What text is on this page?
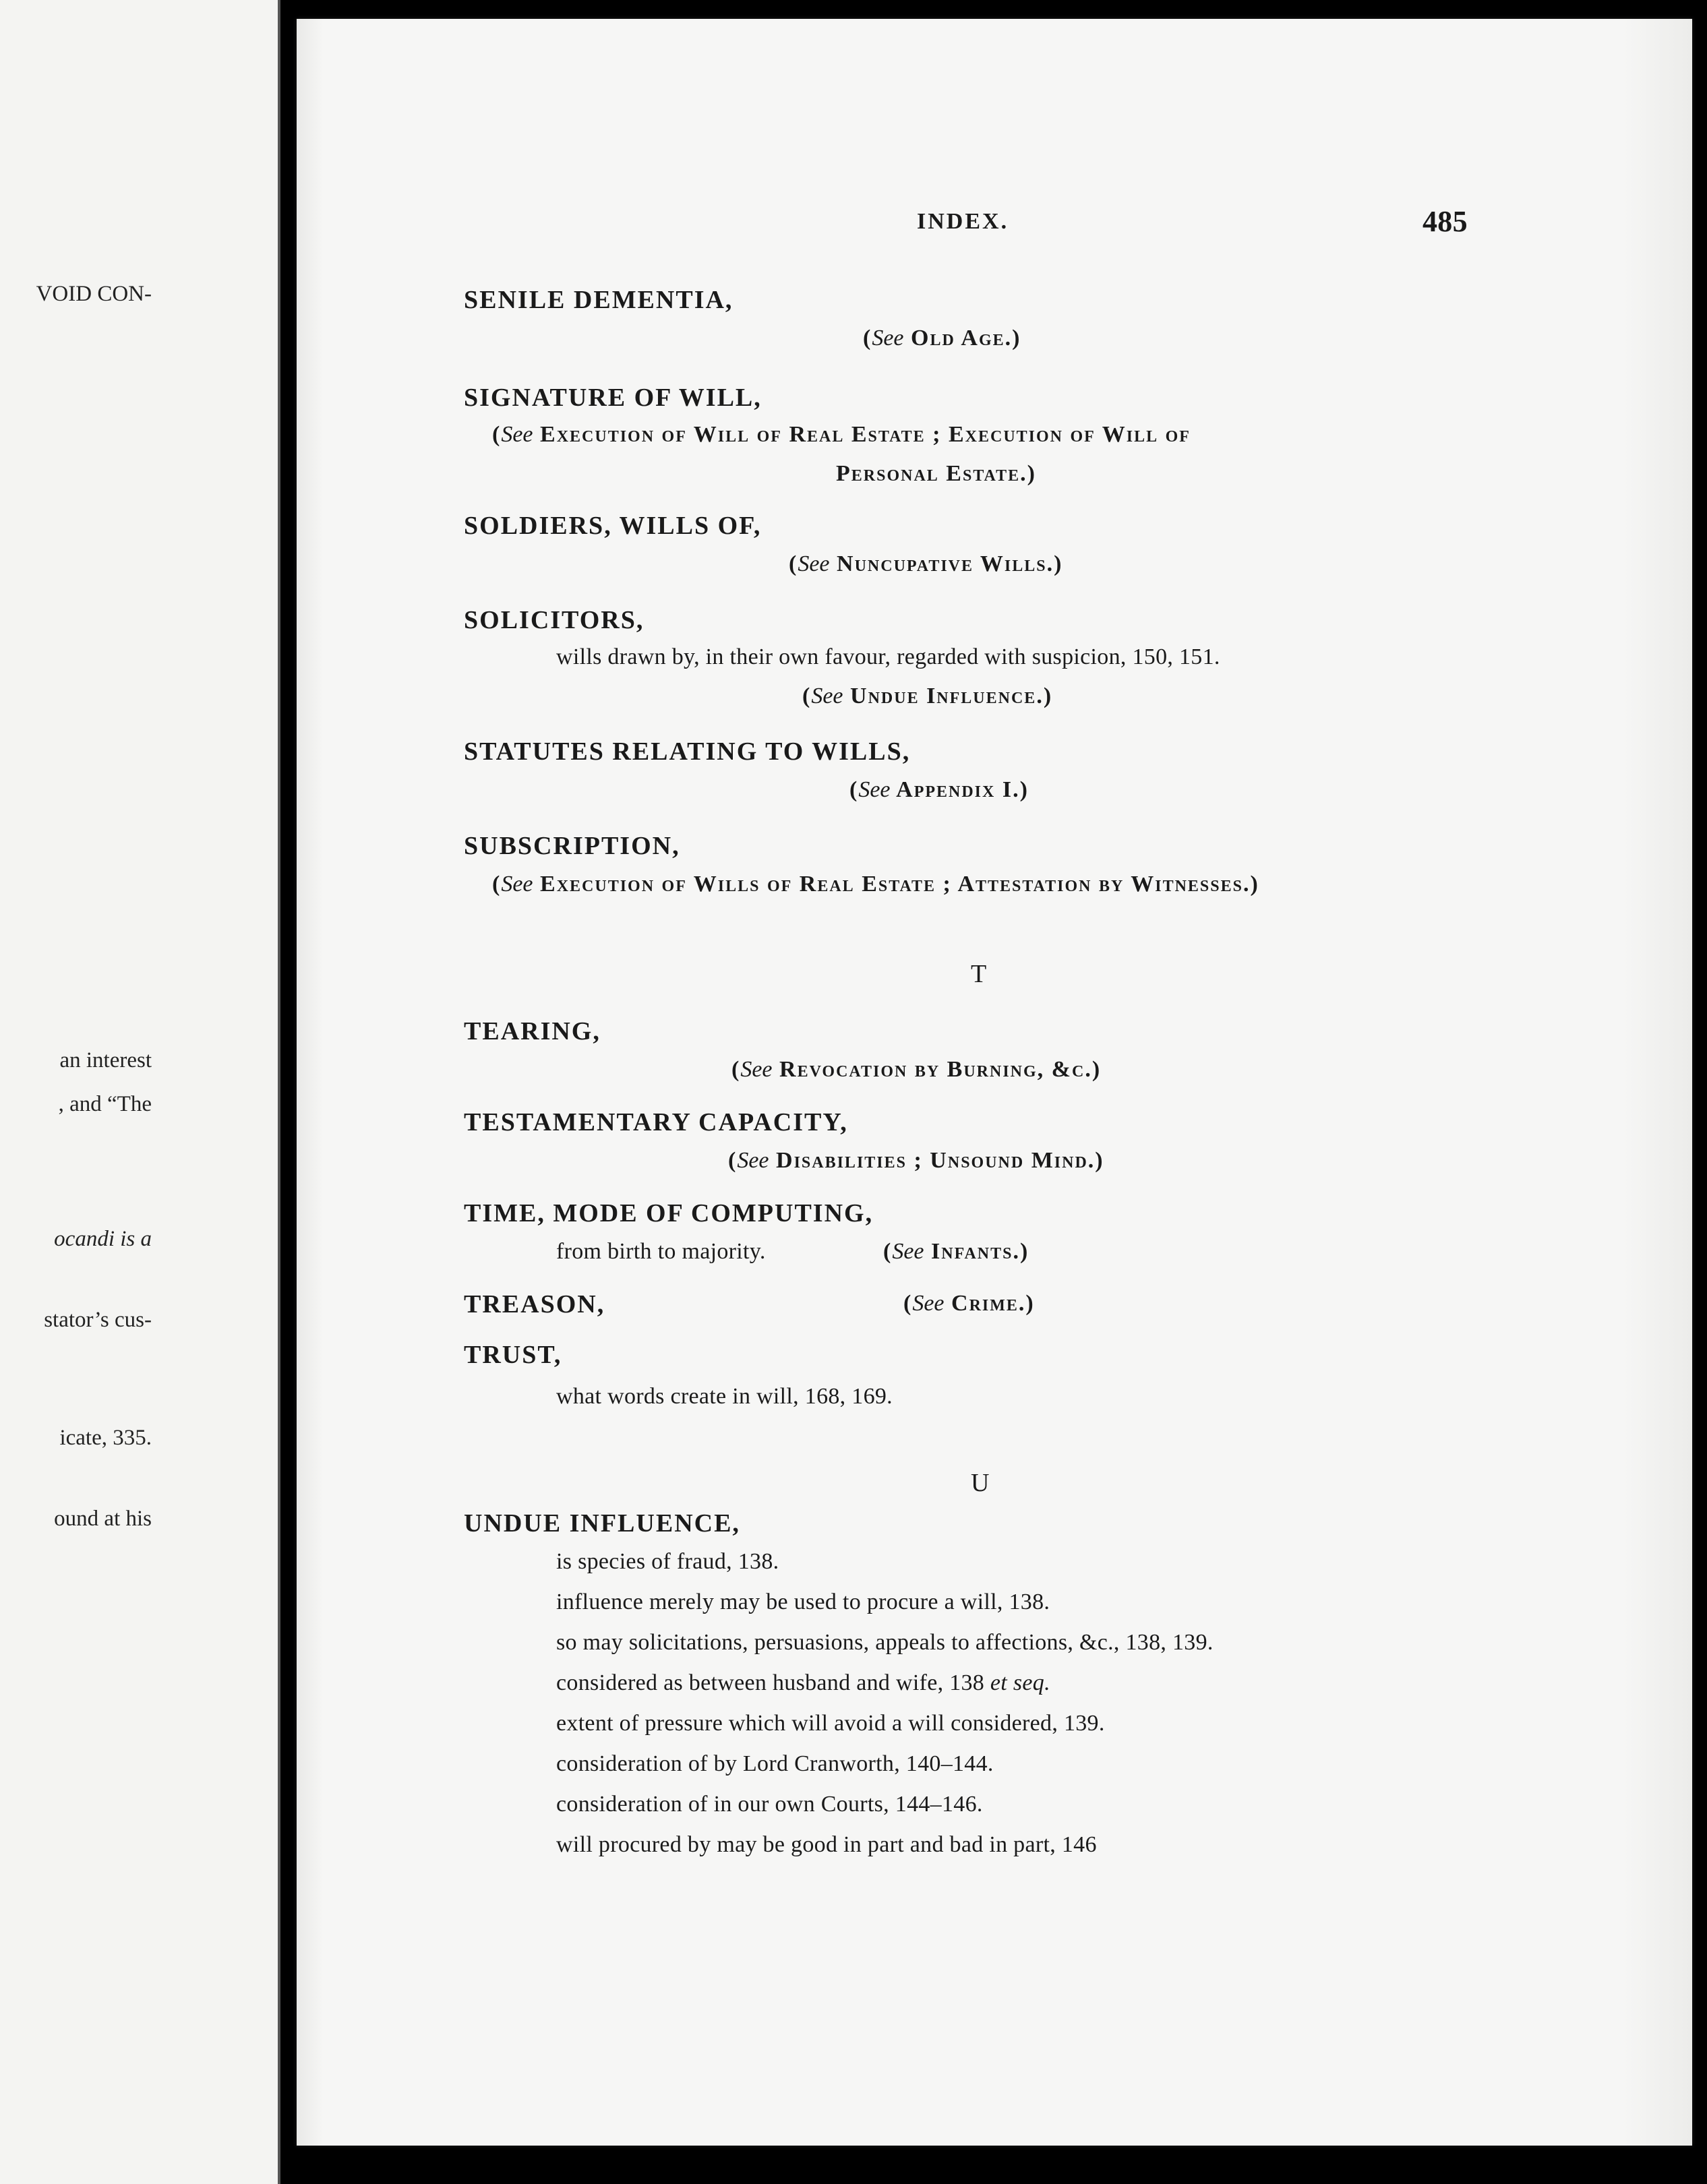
VOID CON-
an interest
, and “The
ocandi is a
stator’s cus-
icate, 335.
ound at his
INDEX.	485
SENILE DEMENTIA,
(See Old Age.)
SIGNATURE OF WILL,
(See Execution of Will of Real Estate ; Execution of Will of
Personal Estate.)
SOLDIERS, WILLS OF,
(See Nuncupative Wills.)
SOLICITORS,
wills drawn by, in their own favour, regarded with suspicion, 150, 151.
(See Undue Influence.)
STATUTES RELATING TO WILLS,
(See Appendix I.)
SUBSCRIPTION,
(See Execution of Wills of Real Estate ; Attestation by Witnesses.)
T
TEARING,
(See Revocation by Burning, &c.)
TESTAMENTARY CAPACITY,
(See Disabilities ; Unsound Mind.)
TIME, MODE OF COMPUTING,
from birth to majority.	(See Infants.)
TREASON,	(See Crime.)
TRUST,
what words create in will, 168, 169.
U
UNDUE INFLUENCE,
is species of fraud, 138.
influence merely may be used to procure a will, 138.
so may solicitations, persuasions, appeals to affections, &c., 138, 139.
considered as between husband and wife, 138 et seq.
extent of pressure which will avoid a will considered, 139.
consideration of by Lord Cranworth, 140–144.
consideration of in our own Courts, 144–146.
will procured by may be good in part and bad in part, 146
